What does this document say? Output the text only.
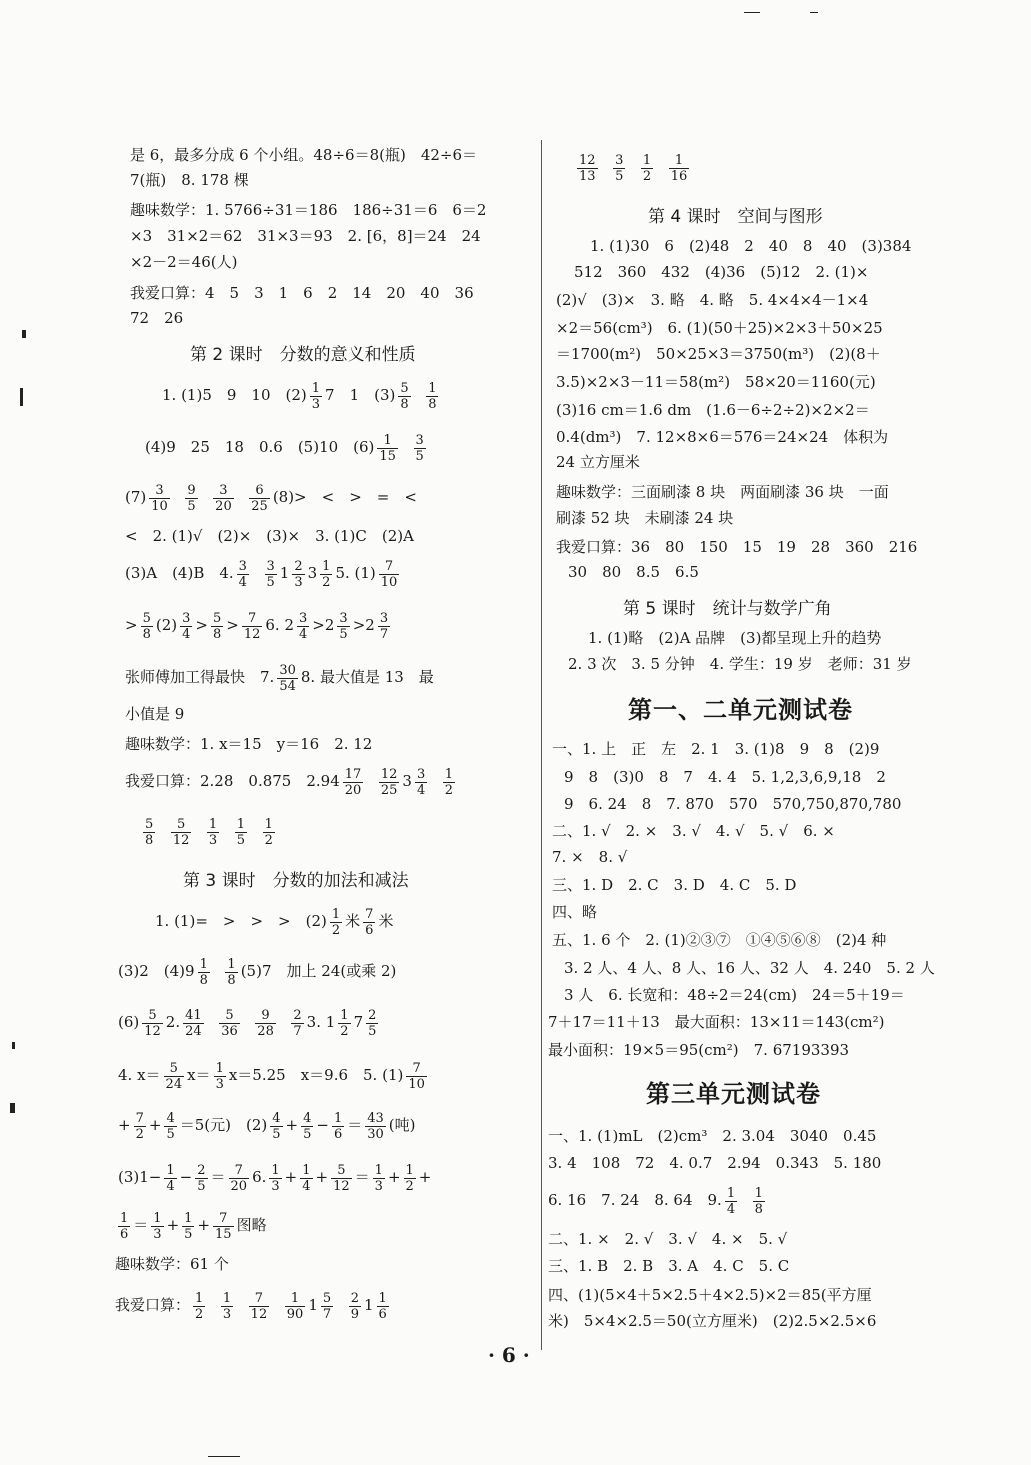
是 6，最多分成 6 个小组。48÷6＝8(瓶)　42÷6＝
7(瓶)　8. 178 棵
趣味数学：1. 5766÷31＝186　186÷31＝6　6＝2
×3　31×2＝62　31×3＝93　2. [6，8]＝24　24
×2－2＝46(人)
我爱口算：4　5　3　1　6　2　14　20　40　36
72　26
第 2 课时　分数的意义和性质
1. (1)5　9　10　$(2) \frac{1}{3} 7$　1　$(3) \frac{5}{8}$
$\frac{1}{8}$
(4)9　25　18　0.6　(5)10　$(6) \frac{1}{15}$
$\frac{3}{5}$
$(7) \frac{3}{10}$
$\frac{9}{5}$
$\frac{3}{20}$
$\frac{6}{25} (8)>$　<　>　=　<
<　2. (1)√　(2)×　(3)×　3. (1)C　(2)A
(3)A　(4)B　4. $\frac{3}{4}$
$\frac{3}{5} 1 \frac{2}{3} 3 \frac{1}{2} 5$. $(1) \frac{7}{10}$
> $\frac{5}{8} (2) \frac{3}{4} > \frac{5}{8} > \frac{7}{12} 6$. $2 \frac{3}{4} >2 \frac{3}{5} >2 \frac{3}{7}$
张师傅加工得最快　7. $\frac{30}{54} 8$. 最大值是 13　最
小值是 9
趣味数学：1. x＝15　y＝16　2. 12
我爱口算：2.28　0.875　$2.94 \frac{17}{20}$
$\frac{12}{25} 3 \frac{3}{4}$
$\frac{1}{2}$
$\frac{5}{8}$
$\frac{5}{12}$
$\frac{1}{3}$
$\frac{1}{5}$
$\frac{1}{2}$
第 3 课时　分数的加法和减法
1. (1)=　>　>　>　$(2) \frac{1}{2}$ 米 $\frac{7}{6}$ 米
(3)2　$(4)9 \frac{1}{8}$
$\frac{1}{8} (5)7$　加上 24(或乘 2)
$(6) \frac{5}{12} 2$. $\frac{41}{24}$
$\frac{5}{36}$
$\frac{9}{28}$
$\frac{2}{7} 3$. $1 \frac{1}{2} 7 \frac{2}{5}$
4. $x= \frac{5}{24} x= \frac{1}{3} x=5.25$　x＝9.6　5. $(1) \frac{7}{10}$
+ $\frac{7}{2} + \frac{4}{5} =5$(元)　$(2) \frac{4}{5} + \frac{4}{5} - \frac{1}{6} = \frac{43}{30}$ (吨)
$(3)1- \frac{1}{4} - \frac{2}{5} = \frac{7}{20} 6$. $\frac{1}{3} + \frac{1}{4} + \frac{5}{12} = \frac{1}{3} + \frac{1}{2}$ +
$\frac{1}{6} = \frac{1}{3} + \frac{1}{5} + \frac{7}{15}$ 图略
趣味数学：61 个
我爱口算： $\frac{1}{2}$
$\frac{1}{3}$
$\frac{7}{12}$
$\frac{1}{90} 1 \frac{5}{7}$
$\frac{2}{9} 1 \frac{1}{6}$
$\frac{12}{13}$
$\frac{3}{5}$
$\frac{1}{2}$
$\frac{1}{16}$
第 4 课时　空间与图形
1. (1)30　6　(2)48　2　40　8　40　(3)384
512　360　432　(4)36　(5)12　2. (1)×
(2)√　(3)×　3. 略　4. 略　5. 4×4×4－1×4
×2＝56(cm³)　6. (1)(50＋25)×2×3＋50×25
＝1700(m²)　50×25×3＝3750(m³)　(2)(8＋
3.5)×2×3－11＝58(m²)　58×20＝1160(元)
(3)16 cm＝1.6 dm　(1.6－6÷2÷2)×2×2＝
0.4(dm³)　7. 12×8×6＝576＝24×24　体积为
24 立方厘米
趣味数学：三面刷漆 8 块　两面刷漆 36 块　一面
刷漆 52 块　未刷漆 24 块
我爱口算：36　80　150　15　19　28　360　216
30　80　8.5　6.5
第 5 课时　统计与数学广角
1. (1)略　(2)A 品牌　(3)都呈现上升的趋势
2. 3 次　3. 5 分钟　4. 学生：19 岁　老师：31 岁
第一、二单元测试卷
一、1. 上　正　左　2. 1　3. (1)8　9　8　(2)9
9　8　(3)0　8　7　4. 4　5. 1,2,3,6,9,18　2
9　6. 24　8　7. 870　570　570,750,870,780
二、1. √　2. ×　3. √　4. √　5. √　6. ×
7. ×　8. √
三、1. D　2. C　3. D　4. C　5. D
四、略
五、1. 6 个　2. (1)②③⑦　①④⑤⑥⑧　(2)4 种
3. 2 人、4 人、8 人、16 人、32 人　4. 240　5. 2 人
3 人　6. 长宽和：48÷2＝24(cm)　24＝5＋19＝
7＋17＝11＋13　最大面积：13×11＝143(cm²)
最小面积：19×5＝95(cm²)　7. 67193393
第三单元测试卷
一、1. (1)mL　(2)cm³　2. 3.04　3040　0.45
3. 4　108　72　4. 0.7　2.94　0.343　5. 180
6. 16　7. 24　8. 64　9. $\frac{1}{4}$
$\frac{1}{8}$
二、1. ×　2. √　3. √　4. ×　5. √
三、1. B　2. B　3. A　4. C　5. C
四、(1)(5×4＋5×2.5＋4×2.5)×2＝85(平方厘
米)　5×4×2.5＝50(立方厘米)　(2)2.5×2.5×6
· 6 ·
